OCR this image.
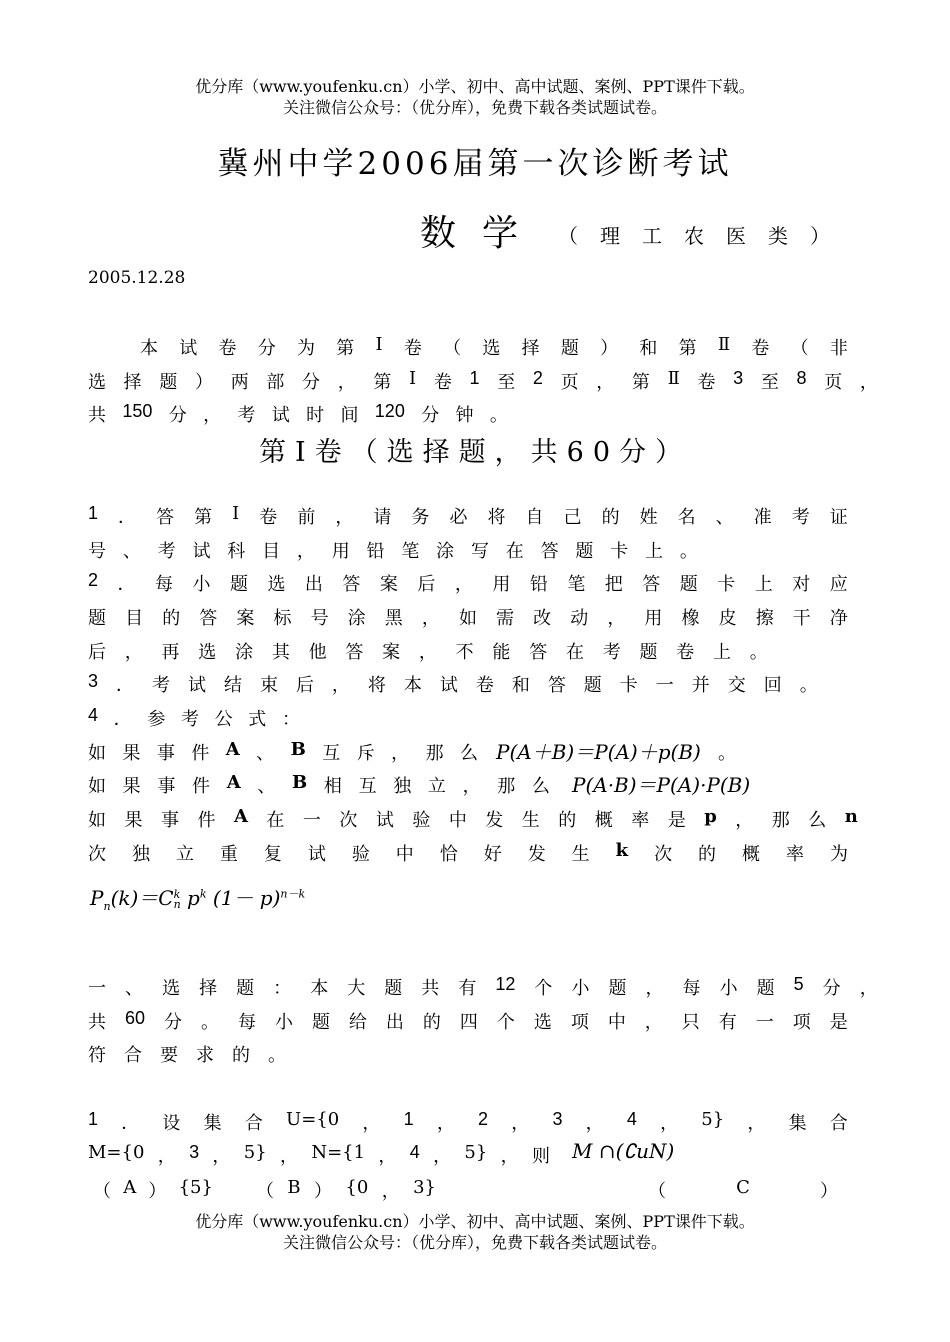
优分库（www.youfenku.cn）小学、初中、高中试题、案例、PPT课件下载。
关注微信公众号：（优分库），免费下载各类试题试卷。
冀州中学2006届第一次诊断考试
数学 （理工农医类）
2005.12.28
本 试 卷 分 为 第 Ⅰ 卷 （ 选 择 题 ） 和 第 Ⅱ 卷 （ 非
选 择 题 ） 两 部 分 ， 第 Ⅰ 卷 1 至 2 页 ， 第 Ⅱ 卷 3 至 8 页 ，
共 150 分 ， 考 试 时 间 120 分 钟 。
第Ⅰ卷（选择题，共60分）
1 ． 答 第 Ⅰ 卷 前 ， 请 务 必 将 自 己 的 姓 名 、 准 考 证
号 、 考 试 科 目 ， 用 铅 笔 涂 写 在 答 题 卡 上 。
2 ． 每 小 题 选 出 答 案 后 ， 用 铅 笔 把 答 题 卡 上 对 应
题 目 的 答 案 标 号 涂 黑 ， 如 需 改 动 ， 用 橡 皮 擦 干 净
后 ， 再 选 涂 其 他 答 案 ， 不 能 答 在 考 题 卷 上 。
3 ． 考 试 结 束 后 ， 将 本 试 卷 和 答 题 卡 一 并 交 回 。
4 ． 参 考 公 式 ：
如 果 事 件 A 、 B 互 斥 ， 那 么 P(A＋B)＝P(A)＋p(B) 。
如 果 事 件 A 、 B 相 互 独 立 ， 那 么 P(A·B)＝P(A)·P(B)
如 果 事 件 A 在 一 次 试 验 中 发 生 的 概 率 是 p ， 那 么 n
次 独 立 重 复 试 验 中 恰 好 发 生 k 次 的 概 率 为
$P_n(k)=C$ k
n $p^k$ $(1- p)^{n-k}$
一 、 选 择 题 ： 本 大 题 共 有 12 个 小 题 ， 每 小 题 5 分 ，
共 60 分 。 每 小 题 给 出 的 四 个 选 项 中 ， 只 有 一 项 是
符 合 要 求 的 。
1 ． 设 集 合 U={0 ， 1 ， 2 ， 3 ， 4 ， 5} ， 集 合
M={0 ， 3 ， 5} ， N={1 ， 4 ， 5} ， 则 M ∩(∁uN)
（ A ） {5} （ B ） {0 ， 3}	（	C	）
优分库（www.youfenku.cn）小学、初中、高中试题、案例、PPT课件下载。
关注微信公众号：（优分库），免费下载各类试题试卷。
